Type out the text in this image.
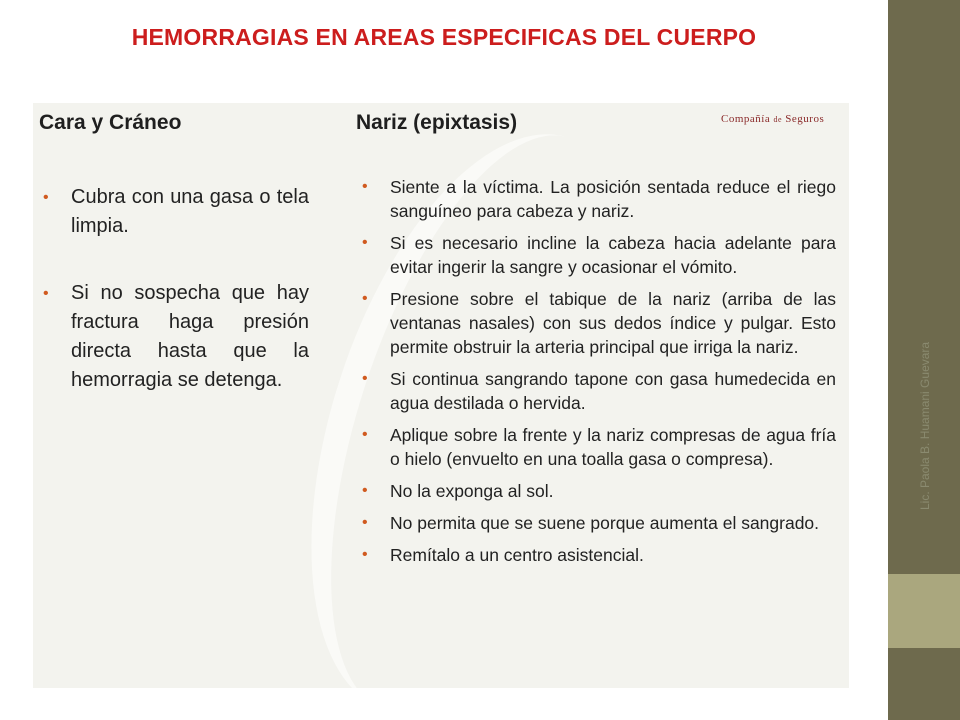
HEMORRAGIAS EN AREAS ESPECIFICAS DEL CUERPO
Compañía de Seguros
Cara y Cráneo
• Cubra con una gasa o tela limpia.
• Si no sospecha que hay fractura haga presión directa hasta que la hemorragia se detenga.
Nariz (epixtasis)
• Siente a la víctima. La posición sentada reduce el riego sanguíneo para cabeza y nariz.
• Si es necesario incline la cabeza hacia adelante para evitar ingerir la sangre y ocasionar el vómito.
• Presione sobre el tabique de la nariz (arriba de las ventanas nasales) con sus dedos índice y pulgar. Esto permite obstruir la arteria principal que irriga la nariz.
• Si continua sangrando tapone con gasa humedecida en agua destilada o hervida.
• Aplique sobre la frente y la nariz compresas de agua fría o hielo (envuelto en una toalla gasa o compresa).
• No la exponga al sol.
• No permita que se suene porque aumenta el sangrado.
• Remítalo a un centro asistencial.
Lic. Paola B. Huamani Guevara
